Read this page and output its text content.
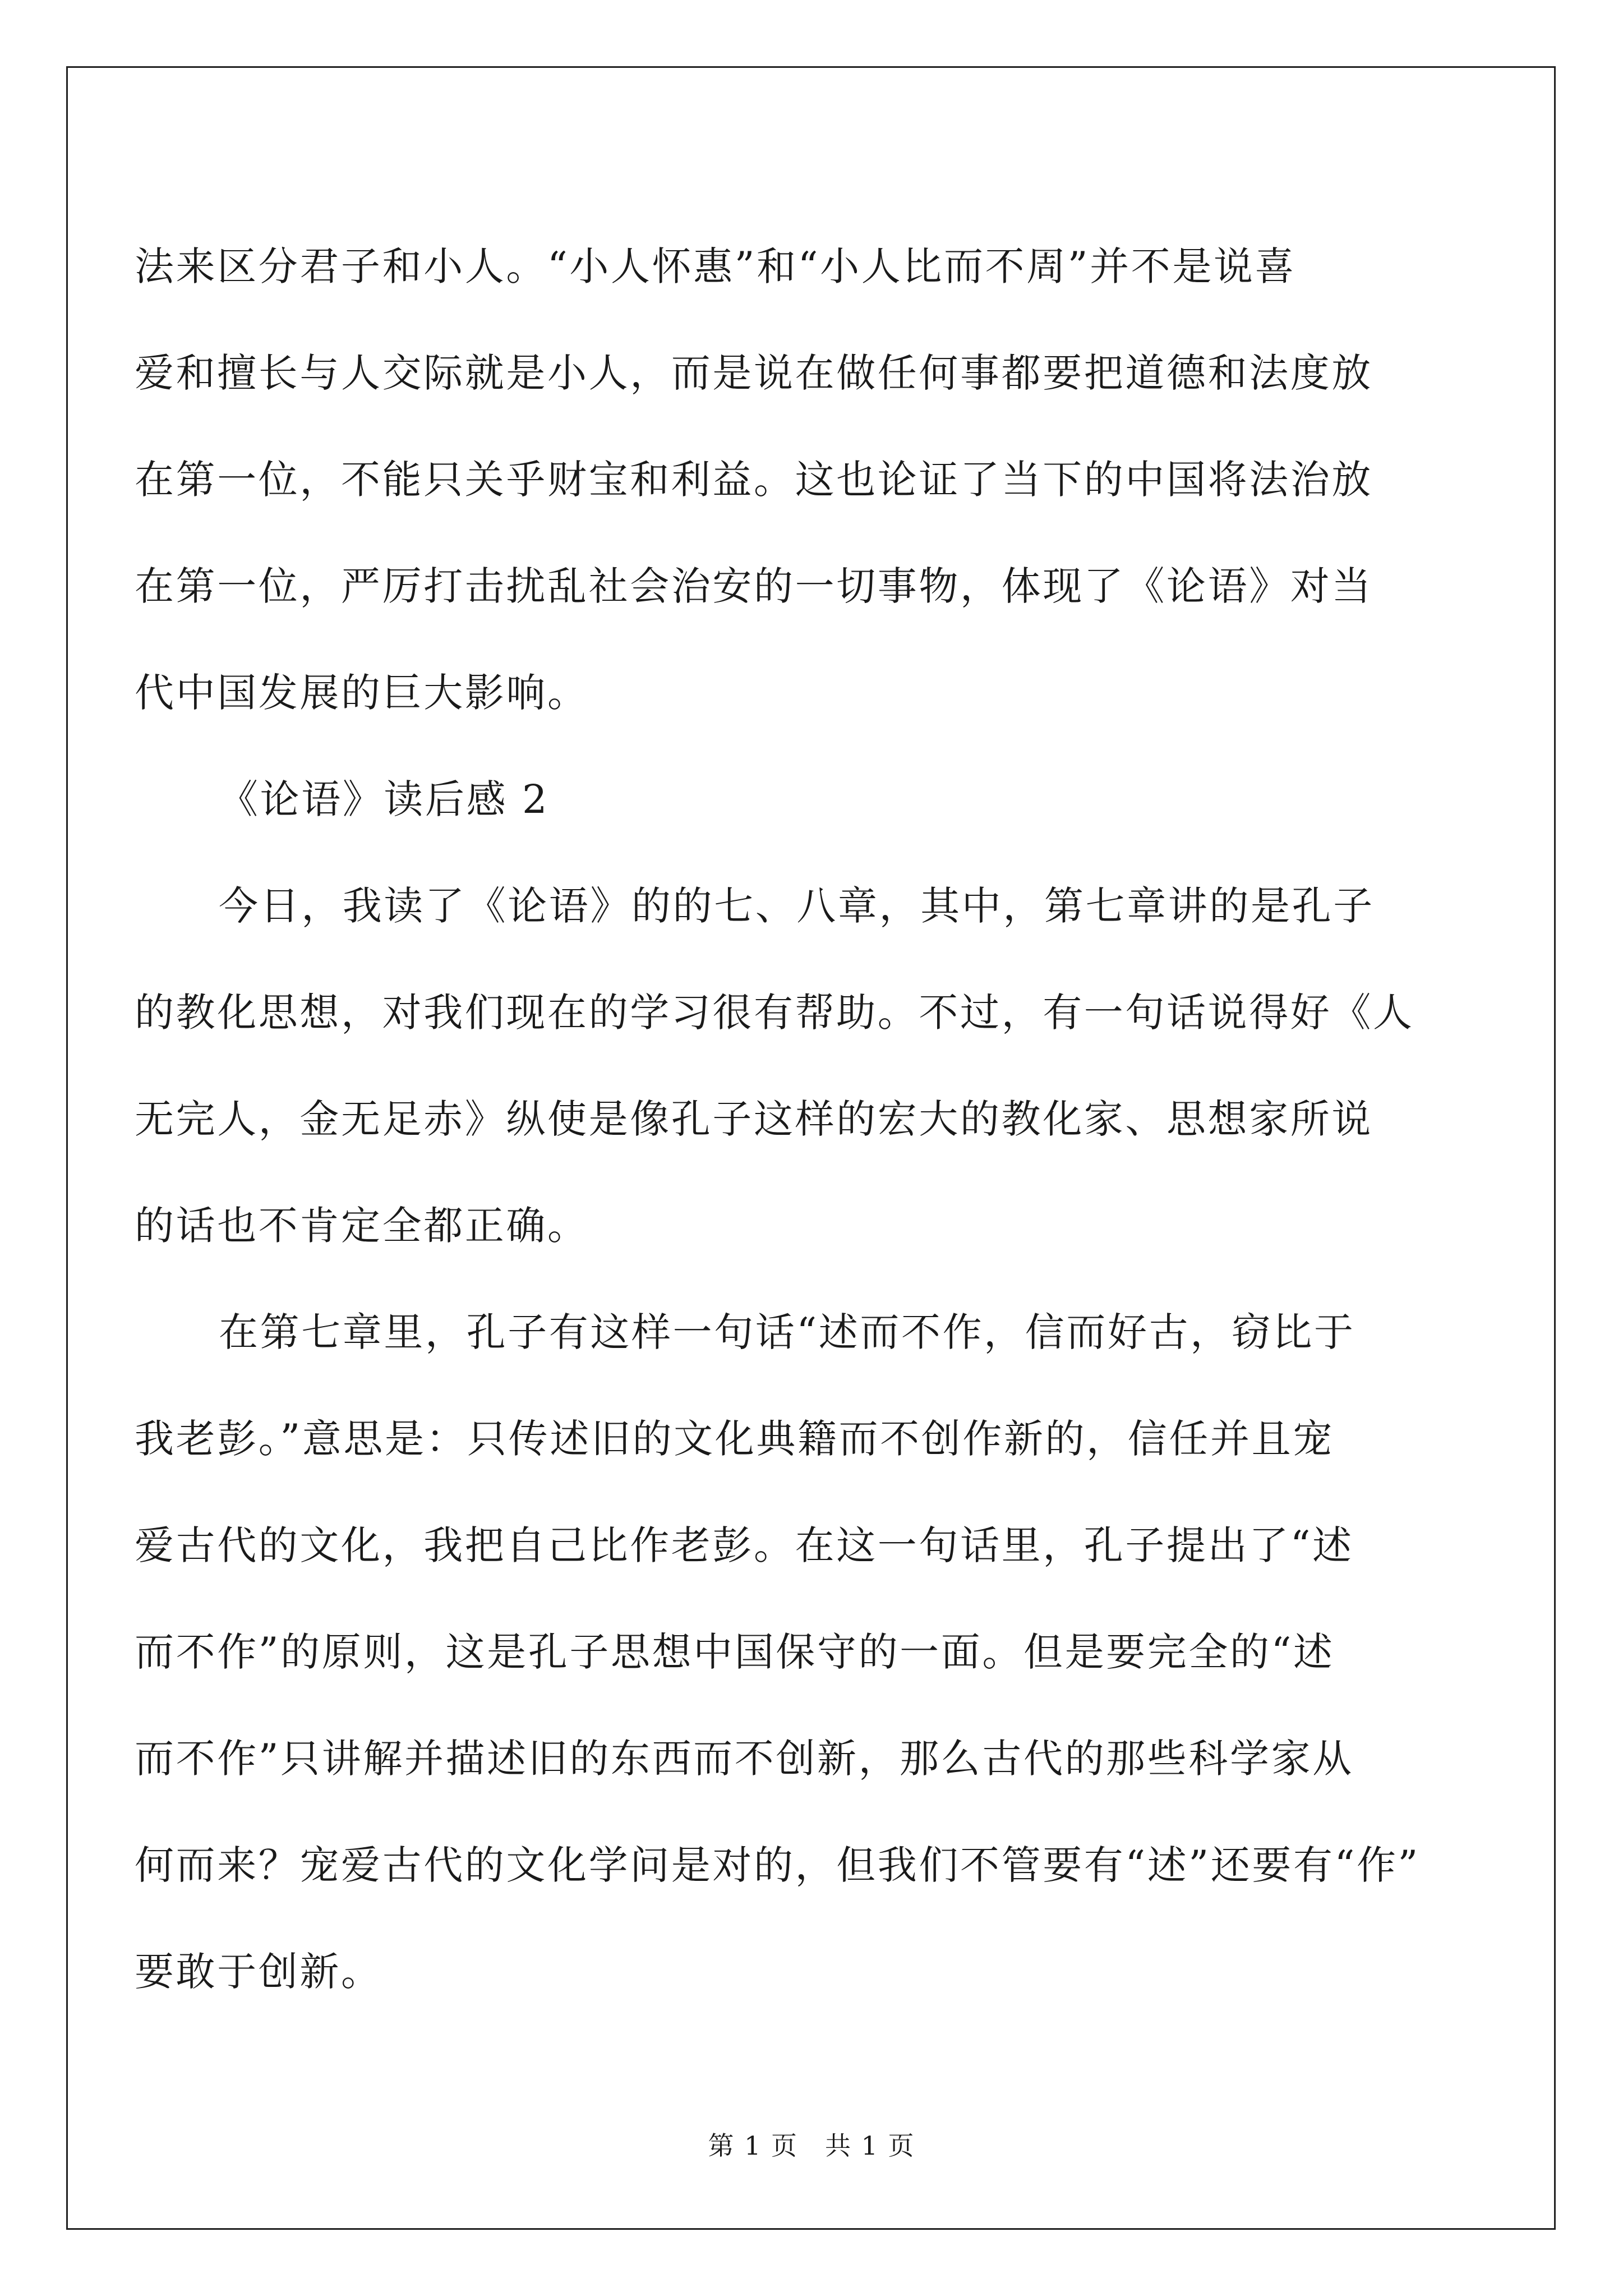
法来区分君子和小人。“小人怀惠”和“小人比而不周”并不是说喜
爱和擅长与人交际就是小人，而是说在做任何事都要把道德和法度放
在第一位，不能只关乎财宝和利益。这也论证了当下的中国将法治放
在第一位，严厉打击扰乱社会治安的一切事物，体现了《论语》对当
代中国发展的巨大影响。
《论语》读后感 2
今日，我读了《论语》的的七、八章，其中，第七章讲的是孔子
的教化思想，对我们现在的学习很有帮助。不过，有一句话说得好《人
无完人，金无足赤》纵使是像孔子这样的宏大的教化家、思想家所说
的话也不肯定全都正确。
在第七章里，孔子有这样一句话“述而不作，信而好古，窃比于
我老彭。”意思是：只传述旧的文化典籍而不创作新的，信任并且宠
爱古代的文化，我把自己比作老彭。在这一句话里，孔子提出了“述
而不作”的原则，这是孔子思想中国保守的一面。但是要完全的“述
而不作”只讲解并描述旧的东西而不创新，那么古代的那些科学家从
何而来？宠爱古代的文化学问是对的，但我们不管要有“述”还要有“作”
要敢于创新。
第 1 页　共 1 页
